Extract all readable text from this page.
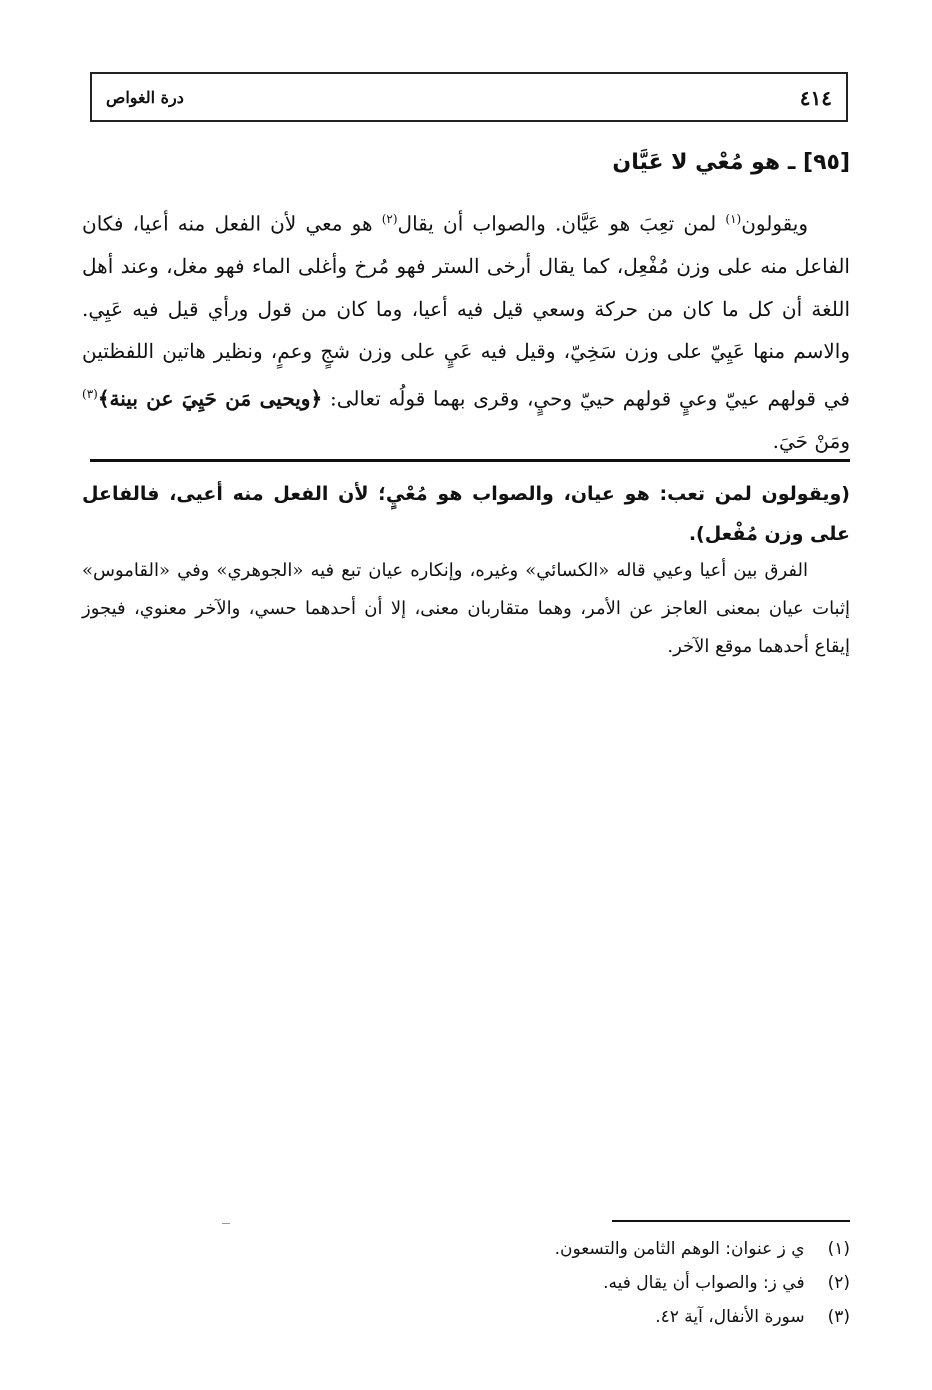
٤١٤
درة الغواص
[٩٥] ـ هو مُعْي لا عَيَّان

ويقولون$^{(١)}$ لمن تعِبَ هو عَيَّان. والصواب أن يقال$^{(٢)}$ هو معي لأن الفعل منه أعيا، فكان الفاعل منه على وزن مُفْعِل، كما يقال أرخى الستر فهو مُرخ وأغلى الماء فهو مغل، وعند أهل اللغة أن كل ما كان من حركة وسعي قيل فيه أعيا، وما كان من قول ورأي قيل فيه عَيِي. والاسم منها عَيِيّ على وزن سَخِيّ، وقيل فيه عَيٍ على وزن شجٍ وعمٍ، ونظير هاتين اللفظتين في قولهم عييّ وعيٍ قولهم حييّ وحيٍ، وقرى بهما قولُه تعالى: ﴿ويحيى مَن حَيِيَ عن بينة﴾$^{(٣)}$ ومَنْ حَيَ.

(ويقولون لمن تعب: هو عيان، والصواب هو مُعْيٍ؛ لأن الفعل منه أعيى، فالفاعل على وزن مُفْعل).

الفرق بين أعيا وعيي قاله «الكسائي» وغيره، وإنكاره عيان تبع فيه «الجوهري» وفي «القاموس» إثبات عيان بمعنى العاجز عن الأمر، وهما متقاربان معنى، إلا أن أحدهما حسي، والآخر معنوي، فيجوز إيقاع أحدهما موقع الآخر.

(١) ي ز عنوان: الوهم الثامن والتسعون.
(٢) في ز: والصواب أن يقال فيه.
(٣) سورة الأنفال، آية ٤٢.
